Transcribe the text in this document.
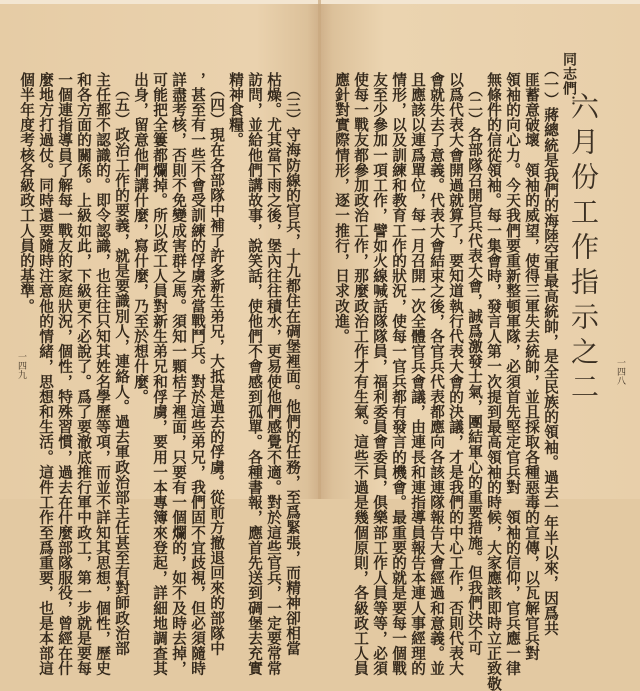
六月份工作指示之二
同志們：
（一）蔣總統是我們的海陸空軍最高統帥，是全民族的領袖。過去一年半以來，因爲共
匪蓄意破壞　領袖的威望，使得三軍失去統帥，並且採取各種惡毒的宣傳，以瓦解官兵對
領袖的向心力。今天我們要重新整頓軍隊，必須首先堅定官兵對　領袖的信仰，官兵應一律
無條件的信從領袖。每一集會時，發言人第一次提到最高領袖的時候，大家應該即時立正致敬
（二）各部隊召開官兵代表大會，誠爲激發士氣，團結軍心的重要措施。但我們決不可
以爲代表大會開過就算了，要知道執行代表大會的決議，才是我們的中心工作，否則代表大
會就失去了意義。代表大會結束之後，各官兵代表都應向各該連隊報告大會經過和意義。並
且應該以連爲單位，每一月召開一次全體官兵會議，由連長和連指導員報告本連人事經理的
情形，以及訓練和教育工作的狀況，使每一官兵都有發言的機會。最重要的就是要每一個戰
友至少參加一項工作，譬如火線喊話隊隊員，福利委員會委員，俱樂部工作人員等等，必須
使每一戰友都參加政治工作，那麼政治工作才有生氣。這些不過是幾個原則，各級政工人員
應針對實際情形，逐一推行，日求改進。
一四八
（三）守海防線的官兵，十九都住在碉堡裡面。他們的任務，至爲緊張，而精神卻相當
枯燥。尤其當下雨之後，堡內往往積水，更易使他們感覺不適。對於這些官兵，一定要常常
訪問，並給他們講故事，說笑話，使他們不會感到孤單。各種書報，應首先送到碉堡去充實
精神食糧。
（四）現在各部隊中補了許多新生弟兄，大抵是過去的俘虜。從前方撤退回來的部隊中
，甚至有一些不會受訓練的俘虜充當戰鬥兵。對於這些弟兄，我們固不宜歧視，但必須隨時
詳盡考核，否則不免變成害群之馬。須知一顆桔子裡面，只要有一個爛的，如不及時去掉，
可能把全簍都爛掉。所以政工人員對新生弟兄和俘虜，要用一本專簿來登起，詳細地調查其
出身，留意他們講什麼，寫什麼，乃至於想什麼。
（五）政治工作的要義，就是要識別人，連絡人。過去軍政治部主任甚至有對師政治部
主任都不認識的。即令認識，也往往只知其姓名學歷等項，而並不詳知其思想，個性，歷史
和各方面的關係。上級如此，下級更不必說了。爲了要澈底推行軍中政工，第一步就是要每
一個連指導員了解每一戰友的家庭狀況，個性，特殊習慣，過去在什麼部隊服役，曾經在什
麼地方打過仗。同時還要隨時注意他的情緒，思想和生活。這件工作至爲重要，也是本部這
個半年度考核各級政工人員的基準。
一四九
